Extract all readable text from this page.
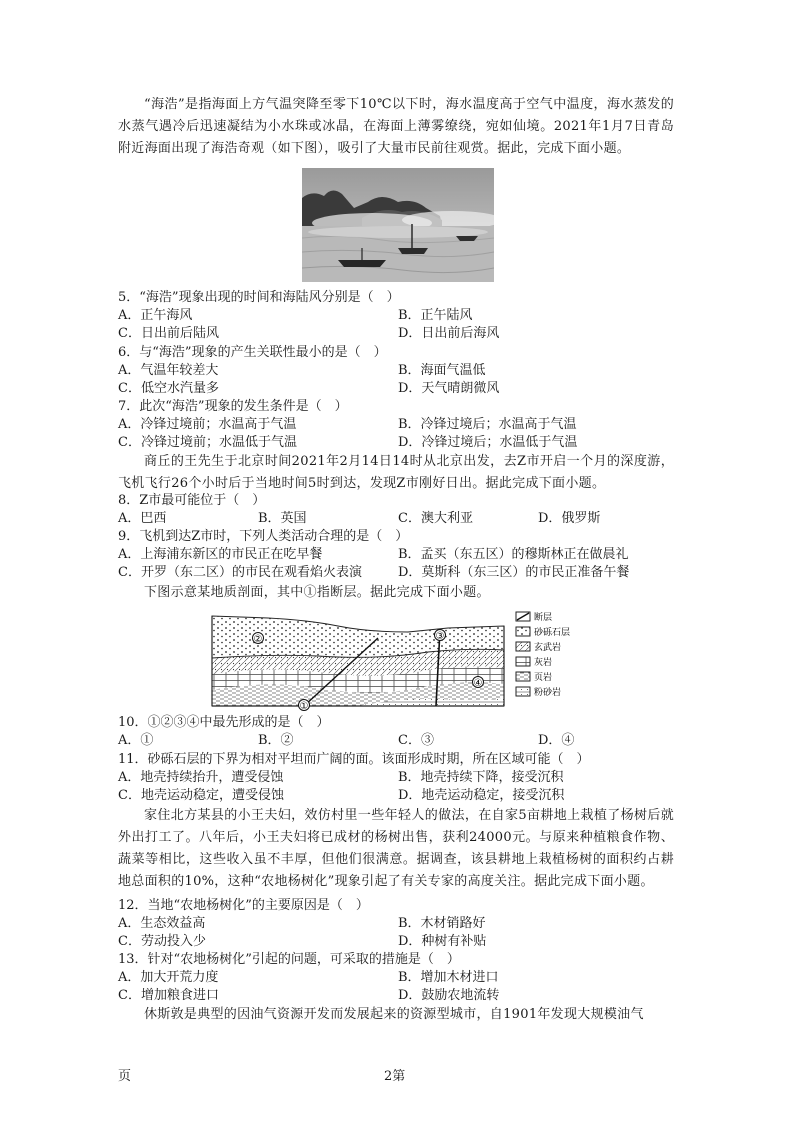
“海浩”是指海面上方气温突降至零下10℃以下时，海水温度高于空气中温度，海水蒸发的水蒸气遇冷后迅速凝结为小水珠或冰晶，在海面上薄雾缭绕，宛如仙境。2021年1月7日青岛附近海面出现了海浩奇观（如下图），吸引了大量市民前往观赏。据此，完成下面小题。
5．“海浩”现象出现的时间和海陆风分别是（　）
A．正午海风	B．正午陆风
C．日出前后陆风	D．日出前后海风
6．与“海浩”现象的产生关联性最小的是（　）
A．气温年较差大	B．海面气温低
C．低空水汽量多	D．天气晴朗微风
7．此次“海浩”现象的发生条件是（　）
A．冷锋过境前；水温高于气温	B．冷锋过境后；水温高于气温
C．冷锋过境前；水温低于气温	D．冷锋过境后；水温低于气温
商丘的王先生于北京时间2021年2月14日14时从北京出发，去Z市开启一个月的深度游，飞机飞行26个小时后于当地时间5时到达，发现Z市刚好日出。据此完成下面小题。
8．Z市最可能位于（　）
A．巴西	B．英国	C．澳大利亚	D．俄罗斯
9．飞机到达Z市时，下列人类活动合理的是（　）
A．上海浦东新区的市民正在吃早餐	B．孟买（东五区）的穆斯林正在做晨礼
C．开罗（东二区）的市民在观看焰火表演	D．莫斯科（东三区）的市民正准备午餐
下图示意某地质剖面，其中①指断层。据此完成下面小题。
①
②	③
④
断层
砂砾石层
玄武岩
灰岩
页岩
粉砂岩
10．①②③④中最先形成的是（　）
A．①	B．②	C．③	D．④
11．砂砾石层的下界为相对平坦而广阔的面。该面形成时期，所在区域可能（　）
A．地壳持续抬升，遭受侵蚀	B．地壳持续下降，接受沉积
C．地壳运动稳定，遭受侵蚀	D．地壳运动稳定，接受沉积
家住北方某县的小王夫妇，效仿村里一些年轻人的做法，在自家5亩耕地上栽植了杨树后就外出打工了。八年后，小王夫妇将已成材的杨树出售，获利24000元。与原来种植粮食作物、蔬菜等相比，这些收入虽不丰厚，但他们很满意。据调查，该县耕地上栽植杨树的面积约占耕地总面积的10%，这种“农地杨树化”现象引起了有关专家的高度关注。据此完成下面小题。
12．当地“农地杨树化”的主要原因是（　）
A．生态效益高	B．木材销路好
C．劳动投入少	D．种树有补贴
13．针对“农地杨树化”引起的问题，可采取的措施是（　）
A．加大开荒力度	B．增加木材进口
C．增加粮食进口	D．鼓励农地流转
休斯敦是典型的因油气资源开发而发展起来的资源型城市，自1901年发现大规模油气
页	2第
